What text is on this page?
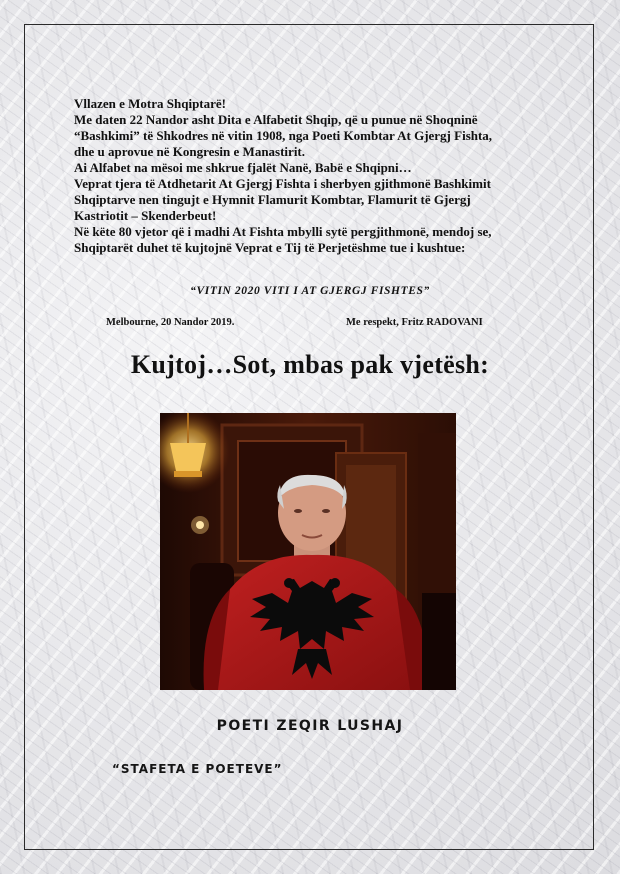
Vllazen e Motra Shqiptarë!

Me daten 22 Nandor asht Dita e Alfabetit Shqip, që u punue në Shoqninë

“Bashkimi” të Shkodres në vitin 1908, nga Poeti Kombtar At Gjergj Fishta,

dhe u aprovue në Kongresin e Manastirit.

Ai Alfabet na mësoi me shkrue fjalët Nanë, Babë e Shqipni…

Veprat tjera të Atdhetarit At Gjergj Fishta i sherbyen gjithmonë Bashkimit

Shqiptarve nen tingujt e Hymnit Flamurit Kombtar, Flamurit të Gjergj

Kastriotit – Skenderbeut!

Në këte 80 vjetor që i madhi At Fishta mbylli sytë pergjithmonë, mendoj se,

Shqiptarët duhet të kujtojnë Veprat e Tij të Perjetëshme tue i kushtue:

“VITIN 2020 VITI I AT GJERGJ FISHTES”
Melbourne, 20 Nandor 2019.	Me respekt, Fritz RADOVANI
Kujtoj…Sot, mbas pak vjetësh:
POETI ZEQIR LUSHAJ
“STAFETA E POETEVE”
